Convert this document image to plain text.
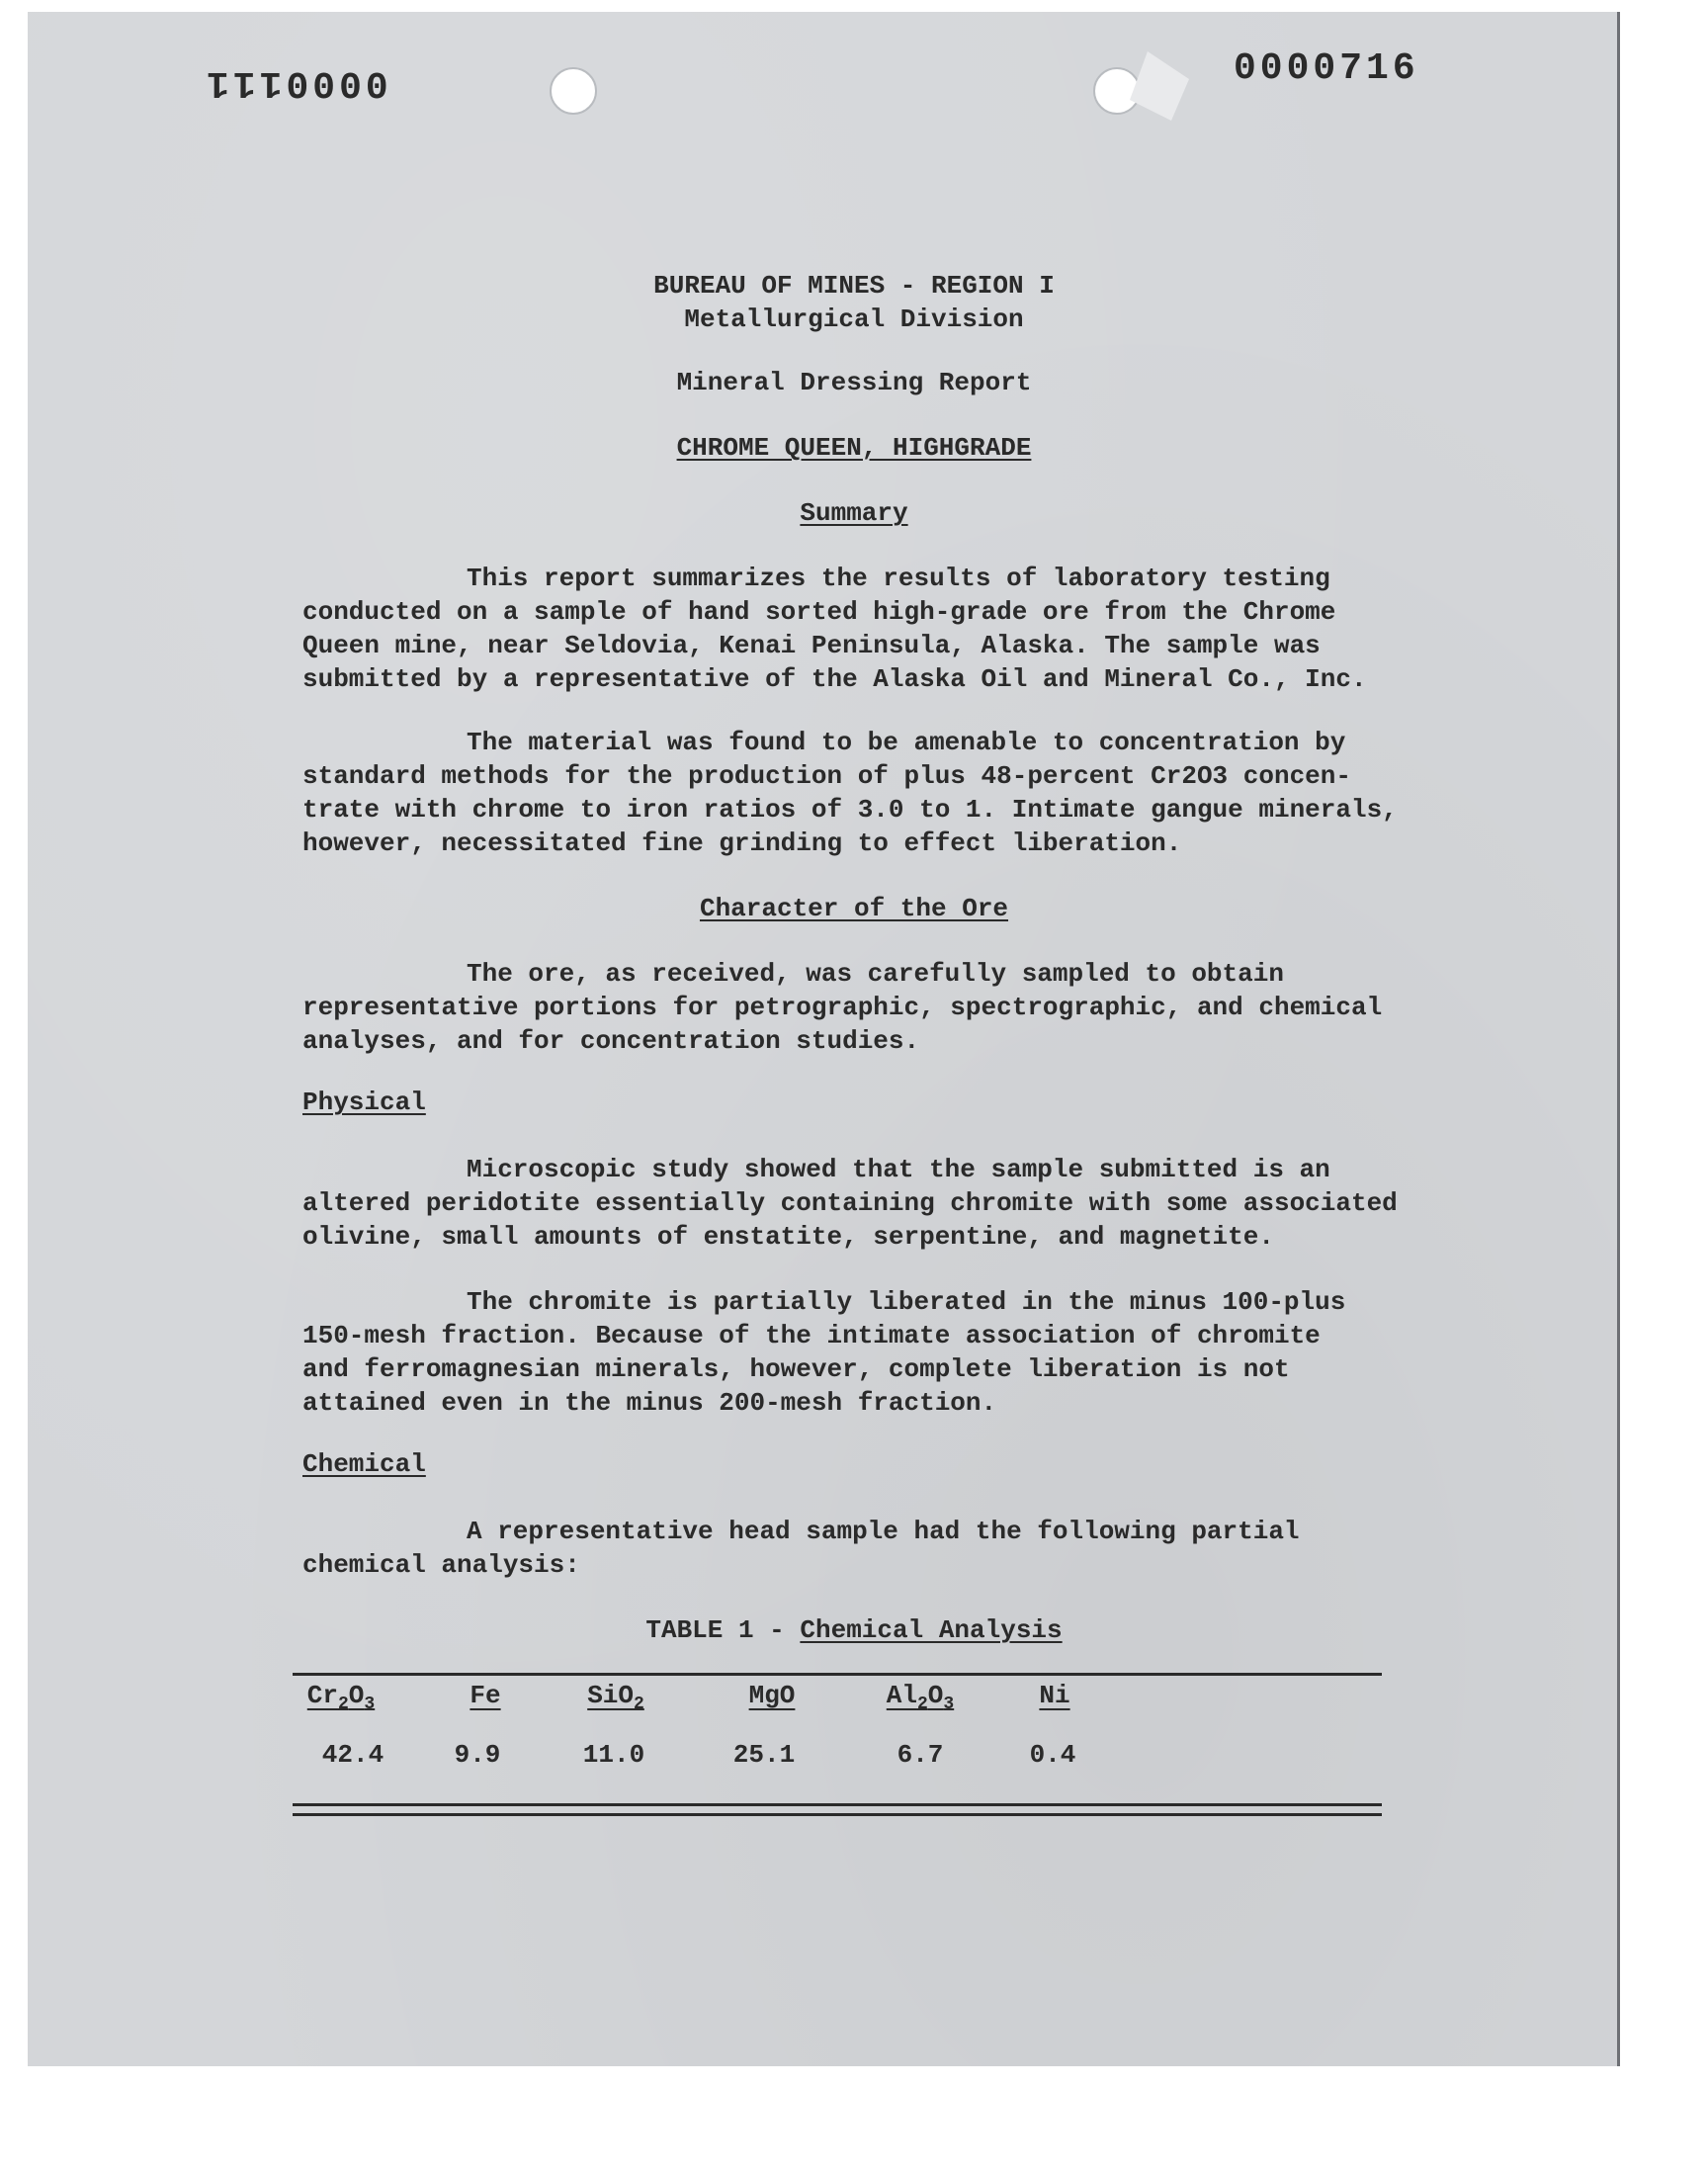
0000111	0000716
BUREAU OF MINES - REGION I
Metallurgical Division
Mineral Dressing Report
CHROME QUEEN, HIGHGRADE
Summary
This report summarizes the results of laboratory testing
conducted on a sample of hand sorted high-grade ore from the Chrome
Queen mine, near Seldovia, Kenai Peninsula, Alaska. The sample was
submitted by a representative of the Alaska Oil and Mineral Co., Inc.
The material was found to be amenable to concentration by
standard methods for the production of plus 48-percent Cr2O3 concen-
trate with chrome to iron ratios of 3.0 to 1. Intimate gangue minerals,
however, necessitated fine grinding to effect liberation.
Character of the Ore
The ore, as received, was carefully sampled to obtain
representative portions for petrographic, spectrographic, and chemical
analyses, and for concentration studies.
Physical
Microscopic study showed that the sample submitted is an
altered peridotite essentially containing chromite with some associated
olivine, small amounts of enstatite, serpentine, and magnetite.
The chromite is partially liberated in the minus 100-plus
150-mesh fraction. Because of the intimate association of chromite
and ferromagnesian minerals, however, complete liberation is not
attained even in the minus 200-mesh fraction.
Chemical
A representative head sample had the following partial
chemical analysis:
TABLE 1 - Chemical Analysis
$Cr_2O_3$	Fe	SiO$_2$	MgO	$Al_2O_3$	Ni
42.4	9.9	11.0	25.1	6.7	0.4
